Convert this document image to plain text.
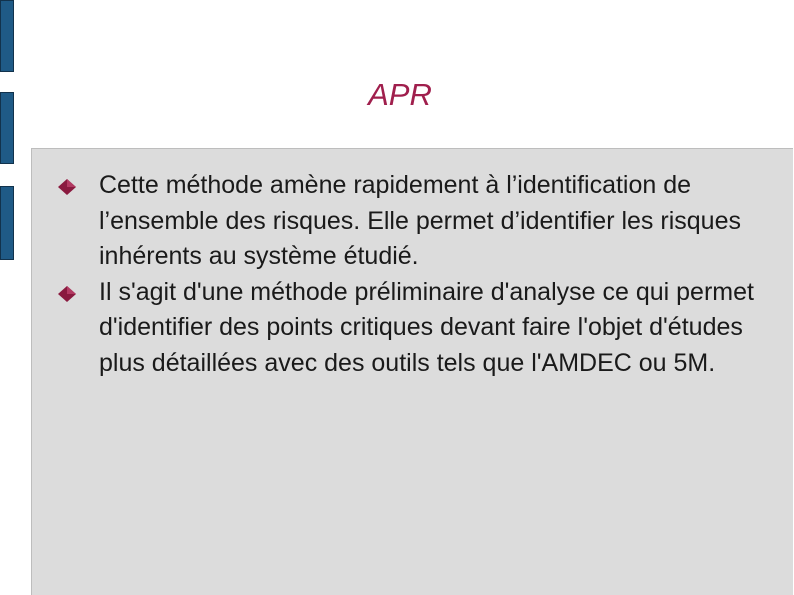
APR
Cette méthode amène rapidement à l’identification de l’ensemble des risques. Elle permet d’identifier les risques inhérents au système étudié.
Il s'agit d'une méthode préliminaire d'analyse ce qui permet d'identifier des points critiques devant faire l'objet d'études plus détaillées avec des outils tels que l'AMDEC ou 5M.
